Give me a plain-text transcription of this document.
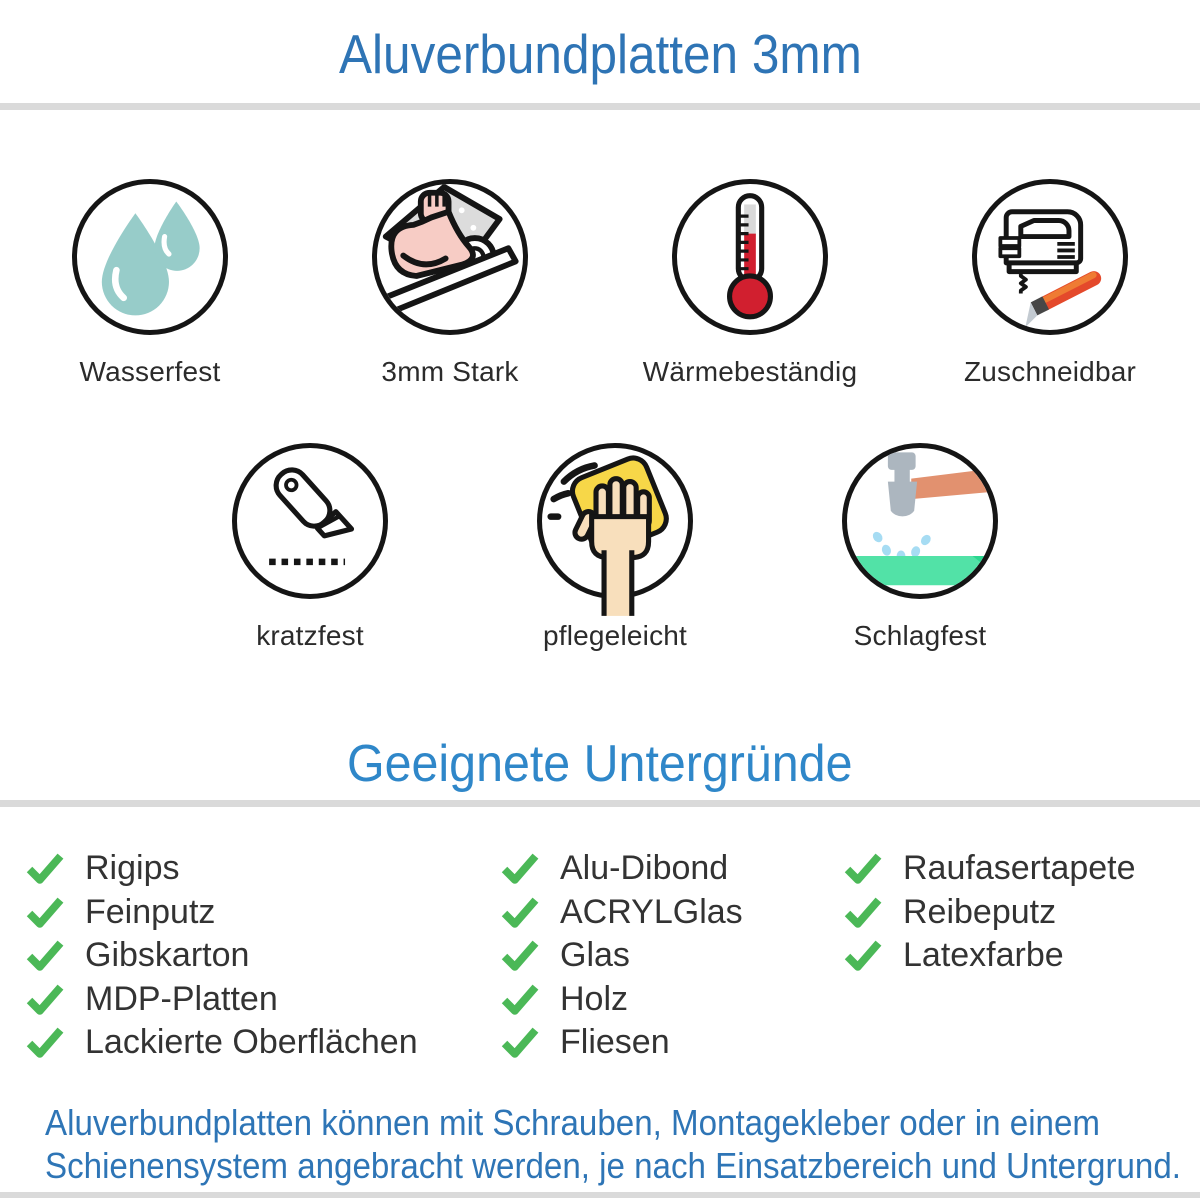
Aluverbundplatten 3mm
Wasserfest	3mm Stark	Wärmebeständig	Zuschneidbar
kratzfest	pflegeleicht	Schlagfest
Geeignete Untergründe
Rigips
Feinputz
Gibskarton
MDP-Platten
Lackierte Oberflächen
Alu-Dibond
ACRYLGlas
Glas
Holz
Fliesen
Raufasertapete
Reibeputz
Latexfarbe
Aluverbundplatten können mit Schrauben, Montagekleber oder in einem
Schienensystem angebracht werden, je nach Einsatzbereich und Untergrund.
